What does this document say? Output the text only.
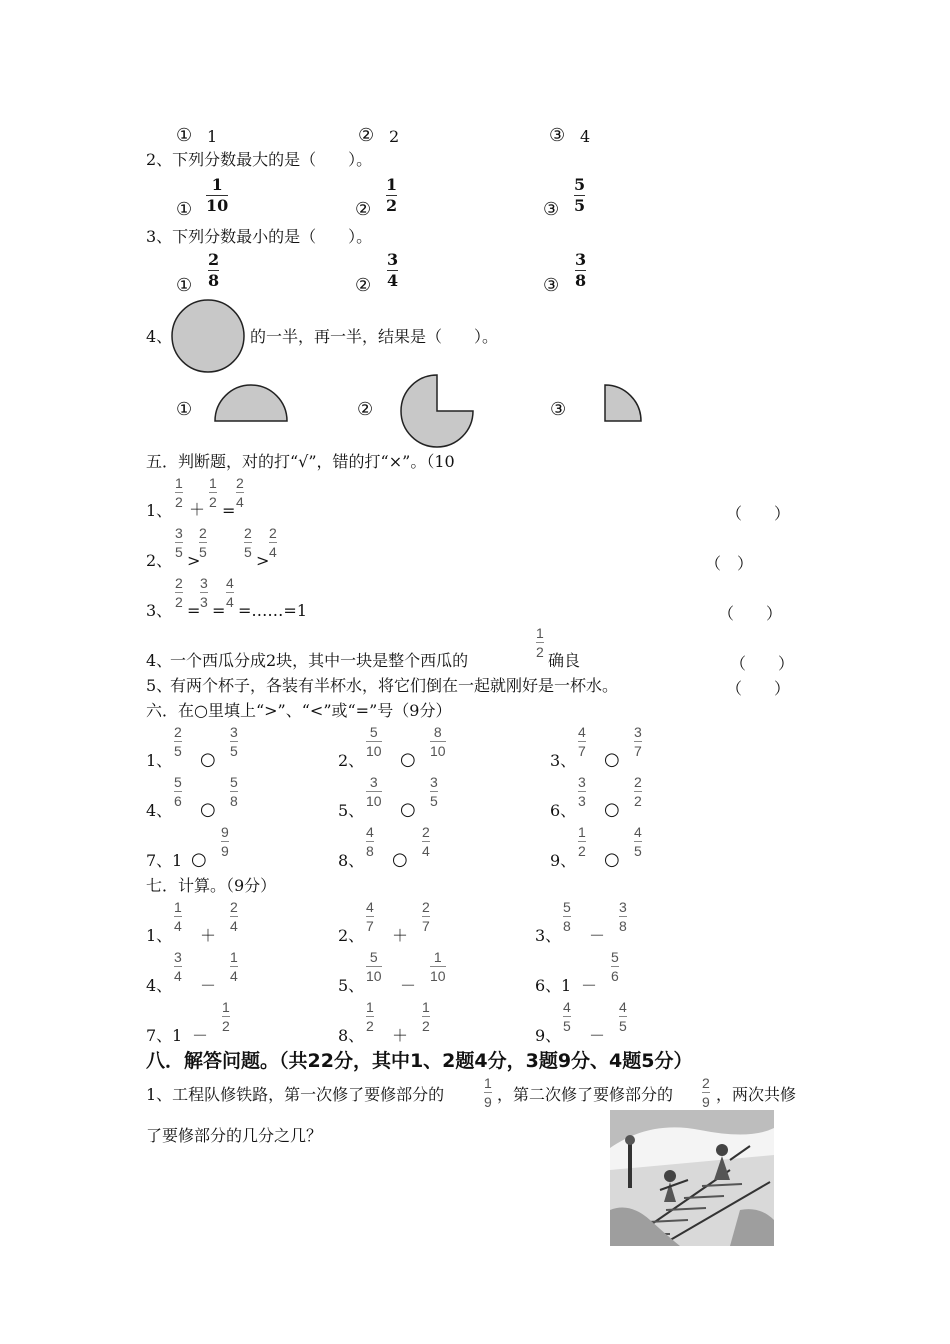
① 1	② 2	③ 4
2、下列分数最大的是（　　）。
①
1
10	②
1
2	③
5
5
3、下列分数最小的是（　　）。
①
2
8	②
3
4	③
3
8
4、	的一半，再一半，结果是（　　）。
①	②	③
五．判断题，对的打“√”，错的打“×”。（10
1、
1
2 ＋
1
2 =
2
4
（　　）
2、
3
5 >
2
5
2
5 >
2
4
（　）
3、
2
2 =
3
3 =
4
4 =……=1	（　　）
4、
一个西瓜分成2块，其中一块是整个西瓜的
1
2 确良	（　　）
5、
有两个杯子，各装有半杯水，将它们倒在一起就刚好是一杯水。	（　　）
六．在○里填上“>”、“<”或“=”号（9分）
1、
2
5 ○
3
5	2、
5
10 ○
8
10	3、
4
7 ○
3
7
4、
5
6 ○
5
8	5、
3
10 ○
3
5	6、
3
3 ○
2
2
7、 1 ○
9
9	8、
4
8 ○
2
4	9、
1
2 ○
4
5
七．计算。（9分）
1、
1
4 ＋
2
4	2、
4
7 ＋
2
7	3、
5
8 －
3
8
4、
3
4 －
1
4	5、
5
10 －
1
10	6、 1 －
5
6
7、 1 －
1
2	8、
1
2 ＋
1
2	9、
4
5 －
4
5
八．解答问题。（共22分，其中1、2题4分，3题9分、4题5分）
1、工程队修铁路，第一次修了要修部分的
1
9 ，第二次修了要修部分的
2
9 ，两次共修
了要修部分的几分之几？
